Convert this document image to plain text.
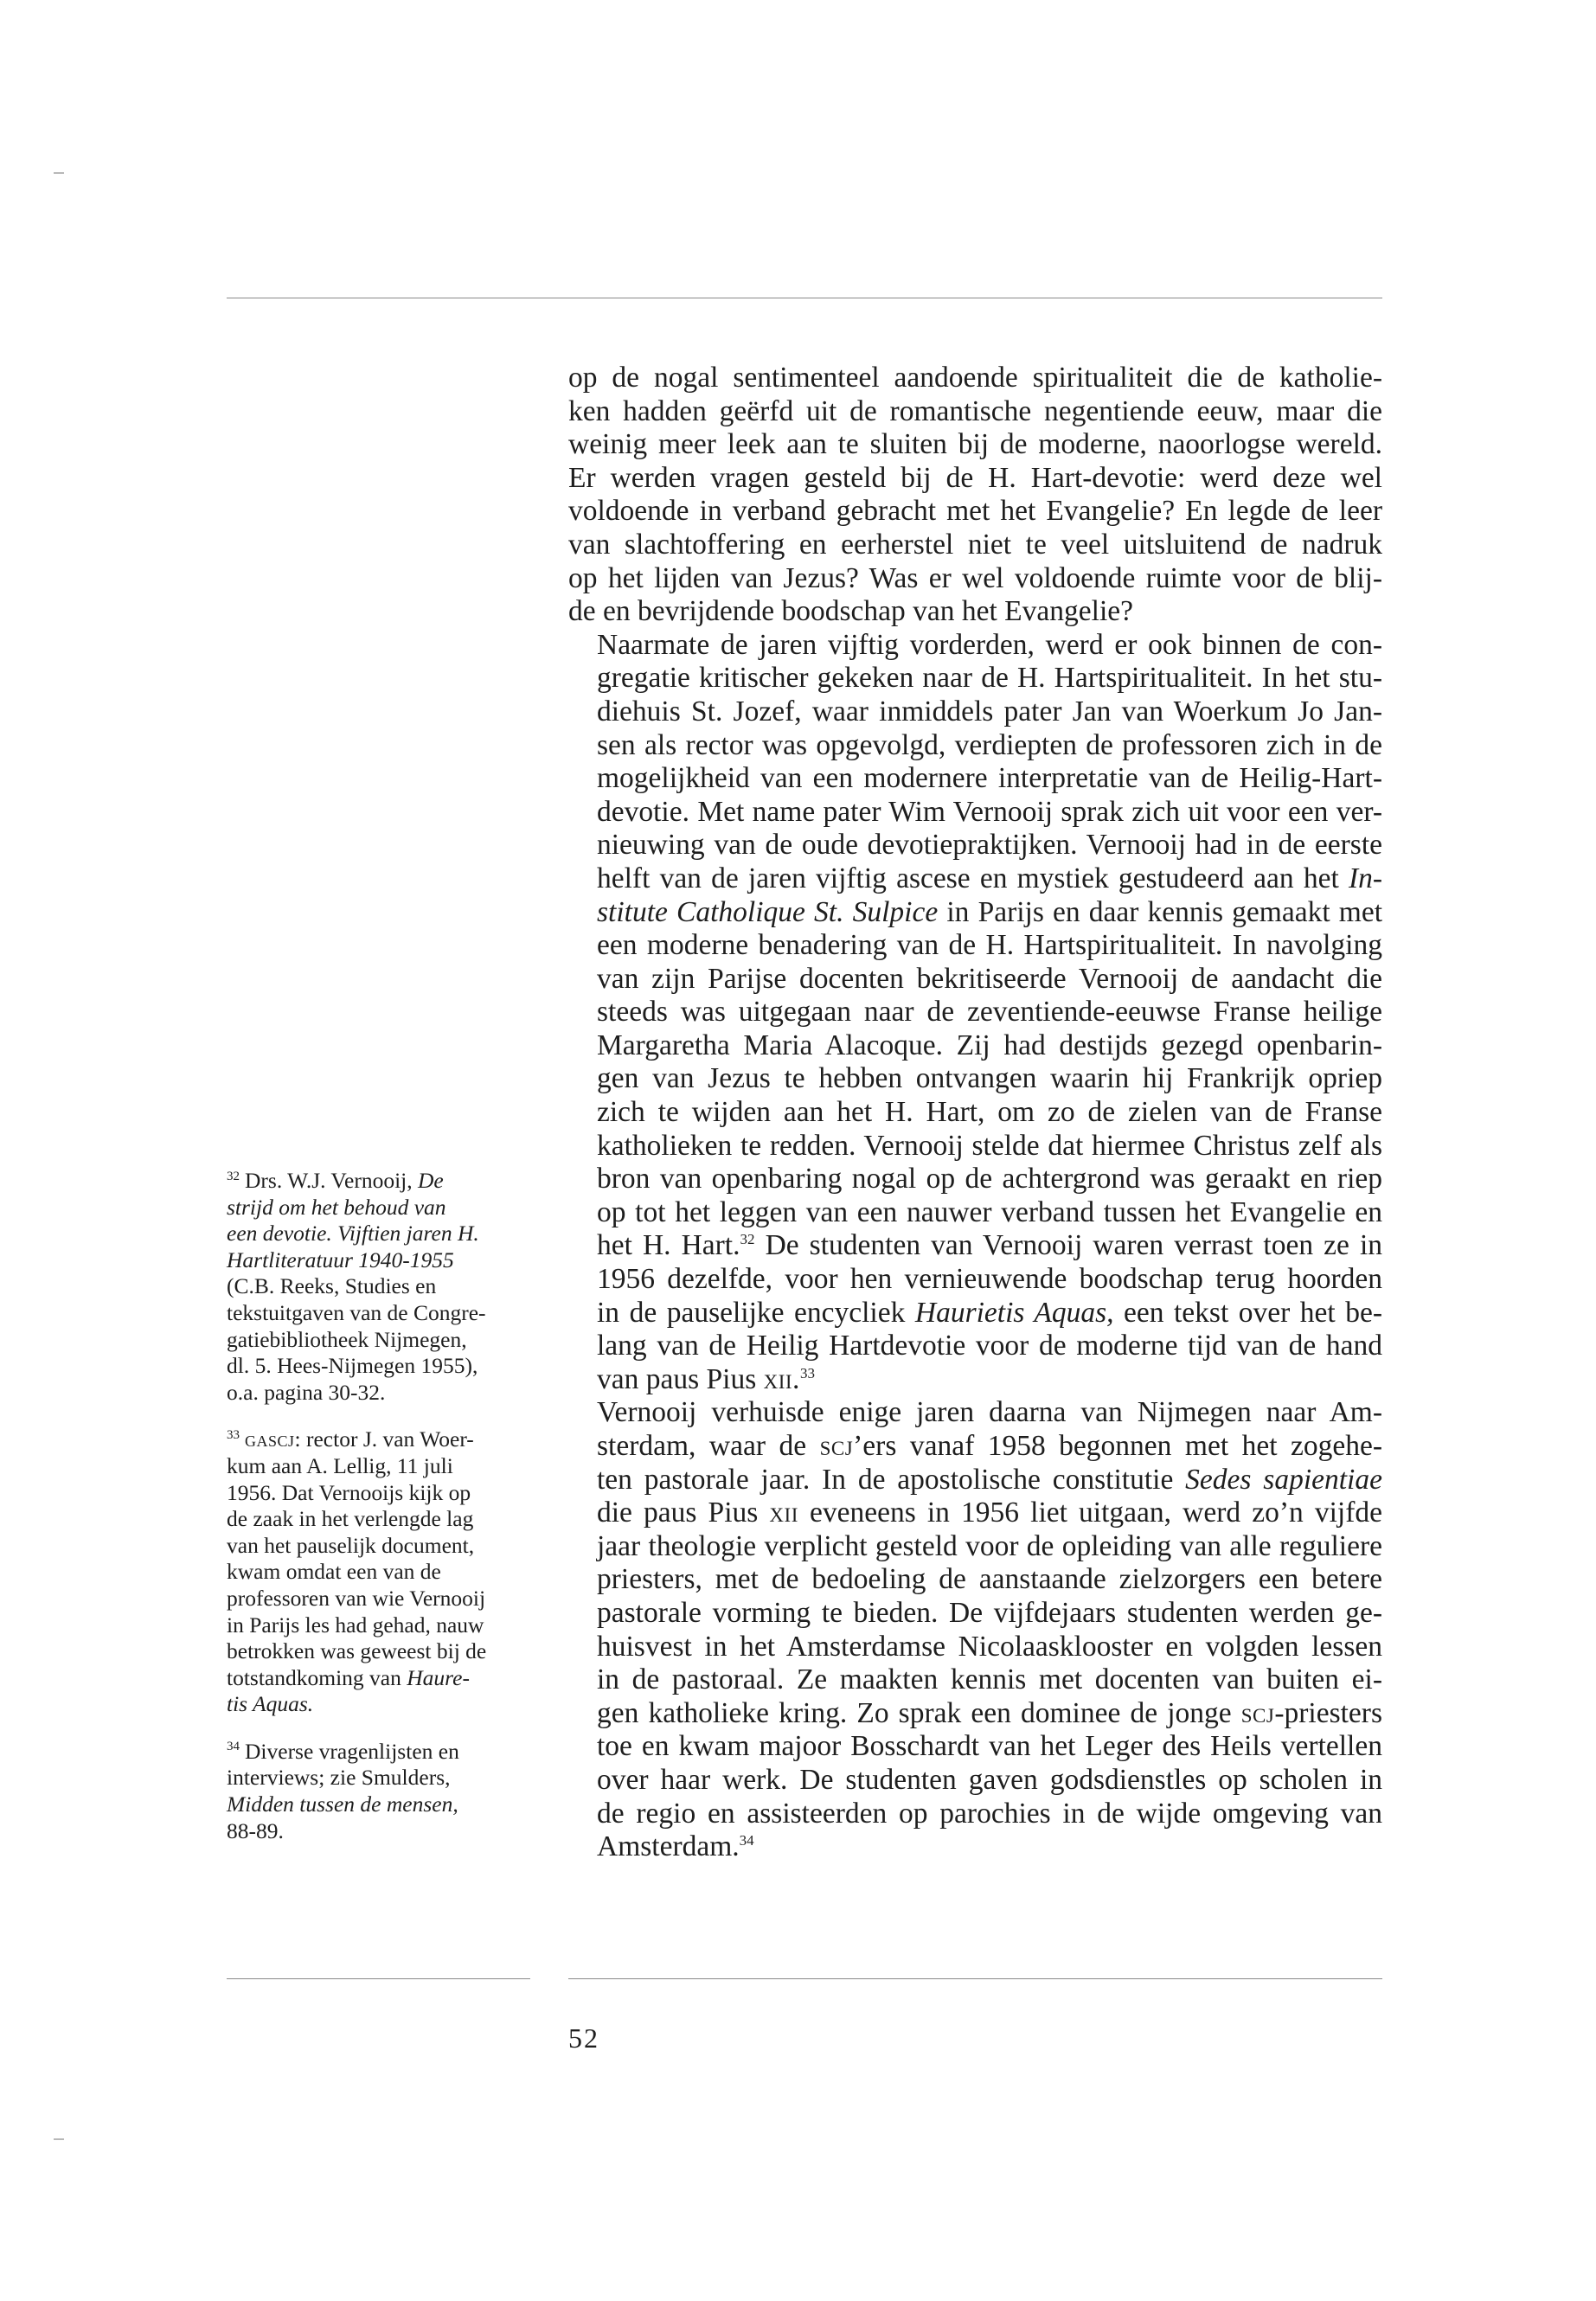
op de nogal sentimenteel aandoende spiritualiteit die de katholie-
ken hadden geërfd uit de romantische negentiende eeuw, maar die
weinig meer leek aan te sluiten bij de moderne, naoorlogse wereld.
Er werden vragen gesteld bij de H. Hart-devotie: werd deze wel
voldoende in verband gebracht met het Evangelie? En legde de leer
van slachtoffering en eerherstel niet te veel uitsluitend de nadruk
op het lijden van Jezus? Was er wel voldoende ruimte voor de blij-
de en bevrijdende boodschap van het Evangelie?

Naarmate de jaren vijftig vorderden, werd er ook binnen de con-
gregatie kritischer gekeken naar de H. Hartspiritualiteit. In het stu-
diehuis St. Jozef, waar inmiddels pater Jan van Woerkum Jo Jan-
sen als rector was opgevolgd, verdiepten de professoren zich in de
mogelijkheid van een modernere interpretatie van de Heilig-Hart-
devotie. Met name pater Wim Vernooij sprak zich uit voor een ver-
nieuwing van de oude devotiepraktijken. Vernooij had in de eerste
helft van de jaren vijftig ascese en mystiek gestudeerd aan het In-
stitute Catholique St. Sulpice in Parijs en daar kennis gemaakt met
een moderne benadering van de H. Hartspiritualiteit. In navolging
van zijn Parijse docenten bekritiseerde Vernooij de aandacht die
steeds was uitgegaan naar de zeventiende-eeuwse Franse heilige
Margaretha Maria Alacoque. Zij had destijds gezegd openbarin-
gen van Jezus te hebben ontvangen waarin hij Frankrijk opriep
zich te wijden aan het H. Hart, om zo de zielen van de Franse
katholieken te redden. Vernooij stelde dat hiermee Christus zelf als
bron van openbaring nogal op de achtergrond was geraakt en riep
op tot het leggen van een nauwer verband tussen het Evangelie en
het H. Hart.$^{32}$ De studenten van Vernooij waren verrast toen ze in
1956 dezelfde, voor hen vernieuwende boodschap terug hoorden
in de pauselijke encycliek Haurietis Aquas, een tekst over het be-
lang van de Heilig Hartdevotie voor de moderne tijd van de hand
van paus Pius xii.$^{33}$

Vernooij verhuisde enige jaren daarna van Nijmegen naar Am-
sterdam, waar de scj’ers vanaf 1958 begonnen met het zogehe-
ten pastorale jaar. In de apostolische constitutie Sedes sapientiae
die paus Pius xii eveneens in 1956 liet uitgaan, werd zo’n vijfde
jaar theologie verplicht gesteld voor de opleiding van alle reguliere
priesters, met de bedoeling de aanstaande zielzorgers een betere
pastorale vorming te bieden. De vijfdejaars studenten werden ge-
huisvest in het Amsterdamse Nicolaasklooster en volgden lessen
in de pastoraal. Ze maakten kennis met docenten van buiten ei-
gen katholieke kring. Zo sprak een dominee de jonge scj-priesters
toe en kwam majoor Bosschardt van het Leger des Heils vertellen
over haar werk. De studenten gaven godsdienstles op scholen in
de regio en assisteerden op parochies in de wijde omgeving van
Amsterdam.$^{34}$

$^{32}$ Drs. W.J. Vernooij, De
strijd om het behoud van
een devotie. Vijftien jaren H.
Hartliteratuur 1940-1955
(C.B. Reeks, Studies en
tekstuitgaven van de Congre-
gatiebibliotheek Nijmegen,
dl. 5. Hees-Nijmegen 1955),
o.a. pagina 30-32.
$^{33}$ gascj: rector J. van Woer-
kum aan A. Lellig, 11 juli
1956. Dat Vernooijs kijk op
de zaak in het verlengde lag
van het pauselijk document,
kwam omdat een van de
professoren van wie Vernooij
in Parijs les had gehad, nauw
betrokken was geweest bij de
totstandkoming van Haure-
tis Aquas.
$^{34}$ Diverse vragenlijsten en
interviews; zie Smulders,
Midden tussen de mensen,
88-89.
52
